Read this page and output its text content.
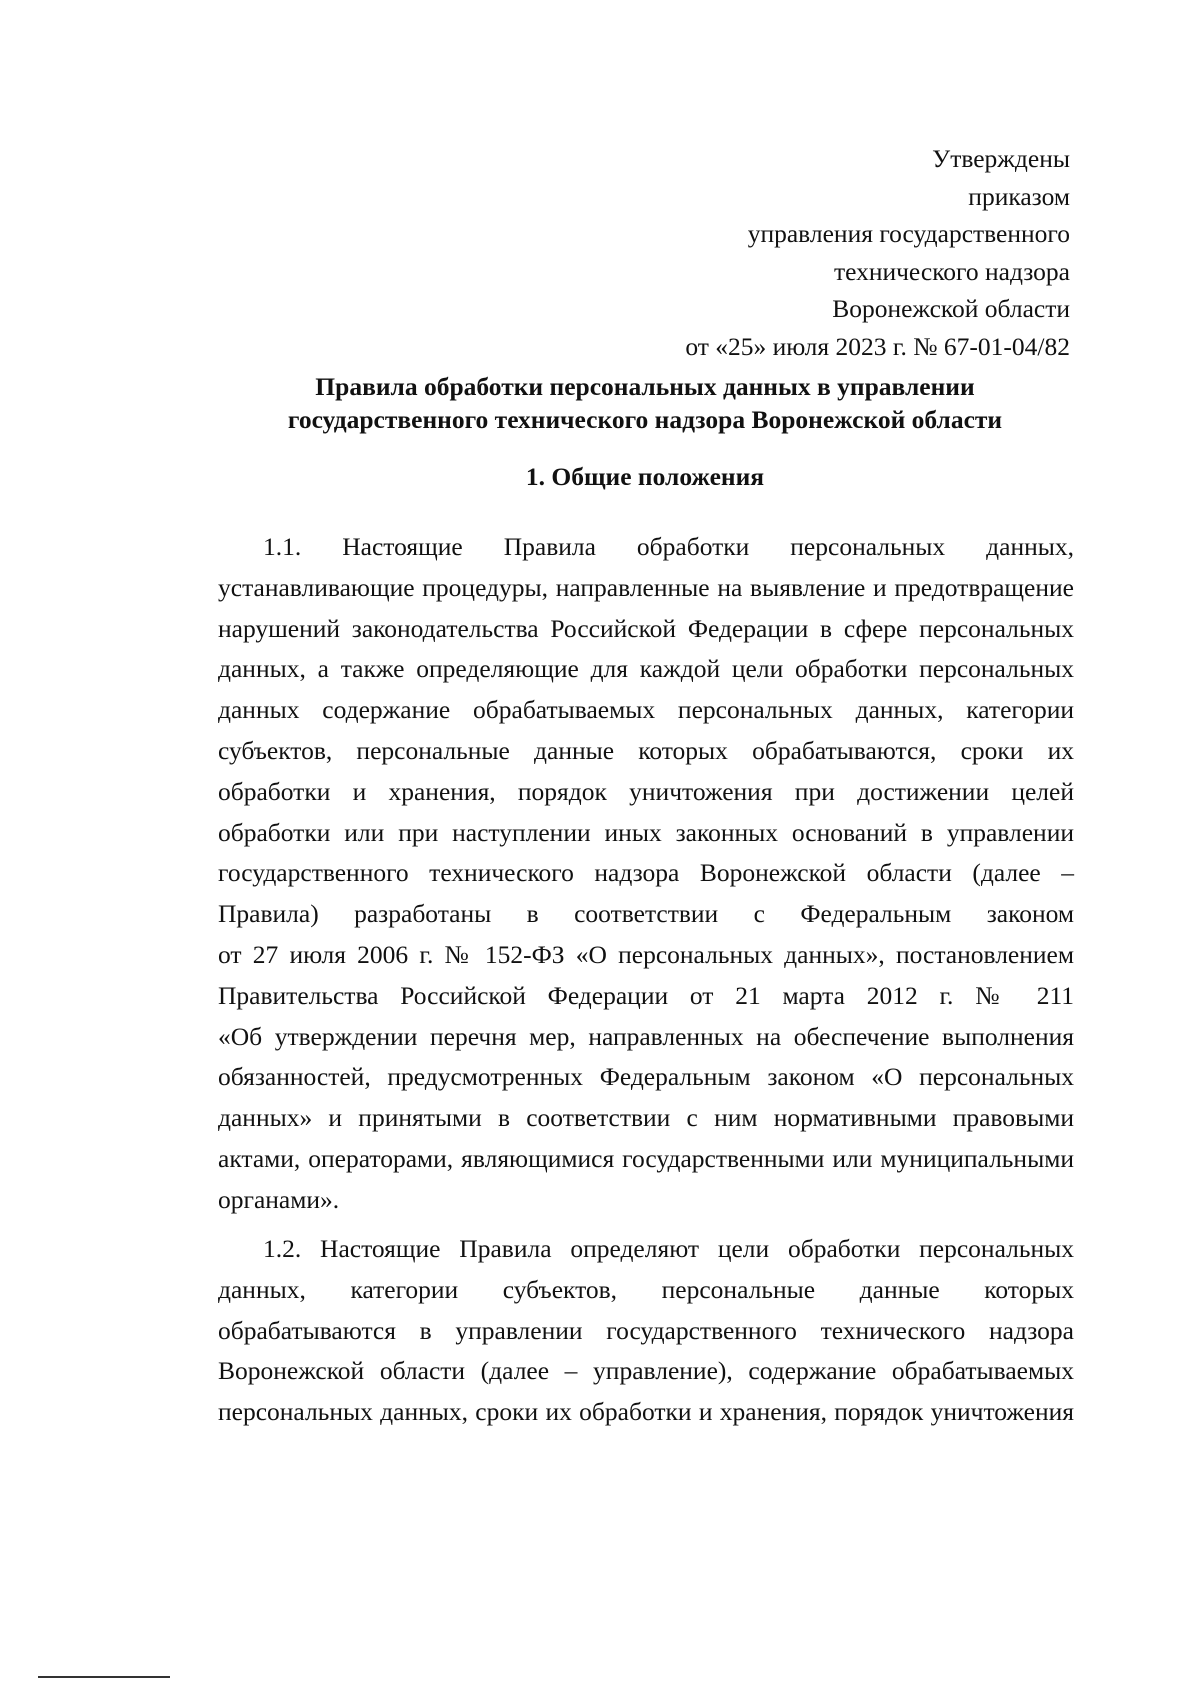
Утверждены
приказом
управления государственного
технического надзора
Воронежской области
от «25» июля 2023 г. № 67-01-04/82
Правила обработки персональных данных в управлении
государственного технического надзора Воронежской области
1. Общие положения
1.1. Настоящие Правила обработки персональных данных,
устанавливающие процедуры, направленные на выявление и предотвращение
нарушений законодательства Российской Федерации в сфере персональных
данных, а также определяющие для каждой цели обработки персональных
данных содержание обрабатываемых персональных данных, категории
субъектов, персональные данные которых обрабатываются, сроки их
обработки и хранения, порядок уничтожения при достижении целей
обработки или при наступлении иных законных оснований в управлении
государственного технического надзора Воронежской области (далее –
Правила) разработаны в соответствии с Федеральным законом
от 27 июля 2006 г. № 152-ФЗ «О персональных данных», постановлением
Правительства Российской Федерации от 21 марта 2012 г. № 211
«Об утверждении перечня мер, направленных на обеспечение выполнения
обязанностей, предусмотренных Федеральным законом «О персональных
данных» и принятыми в соответствии с ним нормативными правовыми
актами, операторами, являющимися государственными или муниципальными
органами».
1.2. Настоящие Правила определяют цели обработки персональных
данных, категории субъектов, персональные данные которых
обрабатываются в управлении государственного технического надзора
Воронежской области (далее – управление), содержание обрабатываемых
персональных данных, сроки их обработки и хранения, порядок уничтожения
